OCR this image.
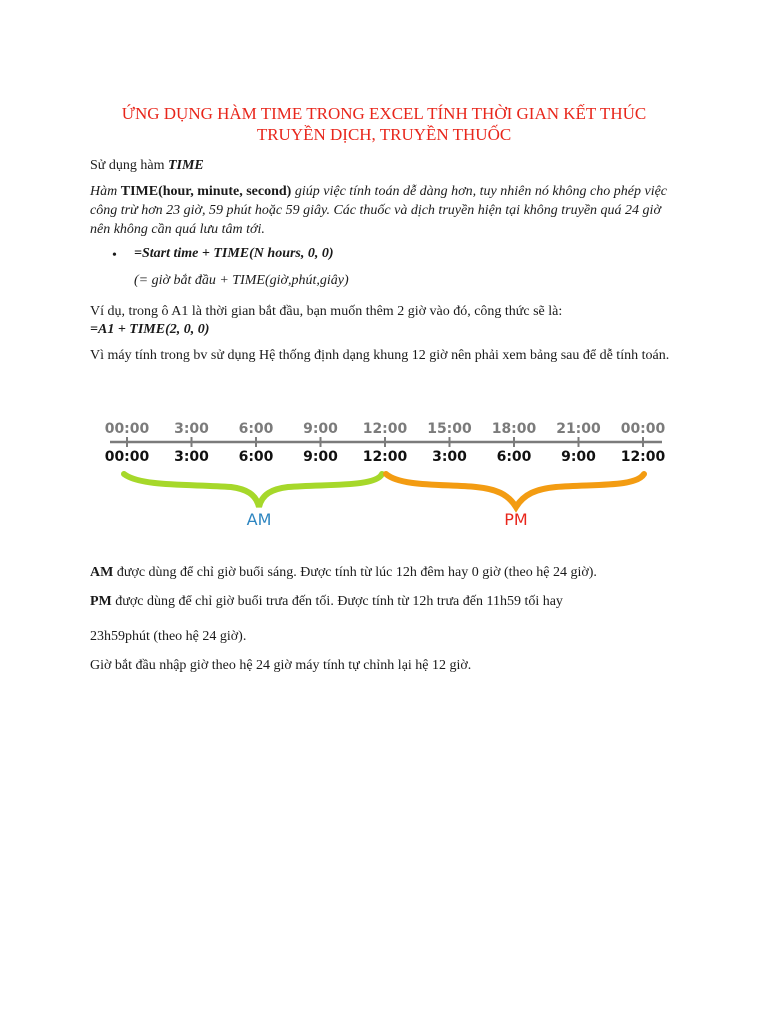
ỨNG DỤNG HÀM TIME TRONG EXCEL TÍNH THỜI GIAN KẾT THÚC
TRUYỀN DỊCH, TRUYỀN THUỐC

Sử dụng hàm TIME

Hàm TIME(hour, minute, second) giúp việc tính toán dễ dàng hơn, tuy nhiên nó không cho phép việc công trừ hơn 23 giờ, 59 phút hoặc 59 giây. Các thuốc và dịch truyền hiện tại không truyền quá 24 giờ nên không cần quá lưu tâm tới.

• =Start time + TIME(N hours, 0, 0)
(= giờ bắt đầu + TIME(giờ,phút,giây)

Ví dụ, trong ô A1 là thời gian bắt đầu, bạn muốn thêm 2 giờ vào đó, công thức sẽ là:

=A1 + TIME(2, 0, 0)

Vì máy tính trong bv sử dụng Hệ thống định dạng khung 12 giờ nên phải xem bảng sau để dễ tính toán.

00:00 3:00 6:00 9:00 12:00 15:00 18:00 21:00 00:00
00:00 3:00 6:00 9:00 12:00 3:00 6:00 9:00 12:00
AM	PM

AM được dùng để chỉ giờ buổi sáng. Được tính từ lúc 12h đêm hay 0 giờ (theo hệ 24 giờ).

PM được dùng để chỉ giờ buổi trưa đến tối. Được tính từ 12h trưa đến 11h59 tối hay

23h59phút (theo hệ 24 giờ).

Giờ bắt đầu nhập giờ theo hệ 24 giờ máy tính tự chỉnh lại hệ 12 giờ.
